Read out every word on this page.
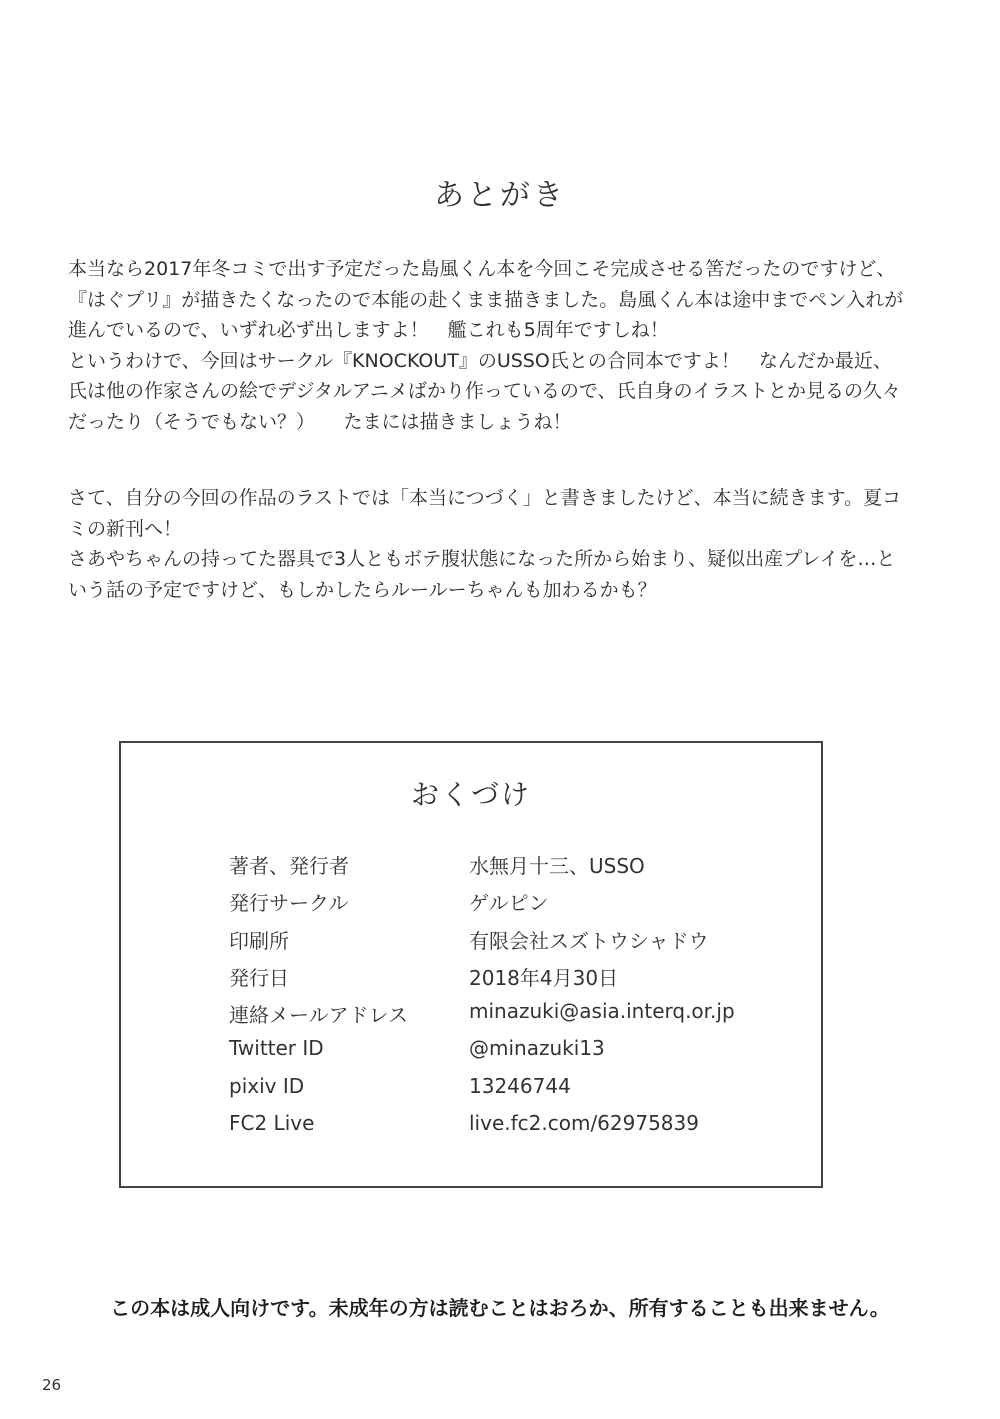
あとがき

本当なら2017年冬コミで出す予定だった島風くん本を今回こそ完成させる筈だったのですけど、

『はぐプリ』が描きたくなったので本能の赴くまま描きました。島風くん本は途中までペン入れが

進んでいるので、いずれ必ず出しますよ！　艦これも5周年ですしね！

というわけで、今回はサークル『KNOCKOUT』のUSSO氏との合同本ですよ！　なんだか最近、

氏は他の作家さんの絵でデジタルアニメばかり作っているので、氏自身のイラストとか見るの久々

だったり（そうでもない？）　　たまには描きましょうね！

さて、自分の今回の作品のラストでは「本当につづく」と書きましたけど、本当に続きます。夏コ

ミの新刊へ！

さあやちゃんの持ってた器具で3人ともボテ腹状態になった所から始まり、疑似出産プレイを…と

いう話の予定ですけど、もしかしたらルールーちゃんも加わるかも？

おくづけ
著者、発行者	水無月十三、USSO
発行サークル	ゲルピン
印刷所	有限会社スズトウシャドウ
発行日	2018年4月30日
連絡メールアドレス	minazuki@asia.interq.or.jp
Twitter ID	@minazuki13
pixiv ID	13246744
FC2 Live	live.fc2.com/62975839
この本は成人向けです。未成年の方は読むことはおろか、所有することも出来ません。
26
